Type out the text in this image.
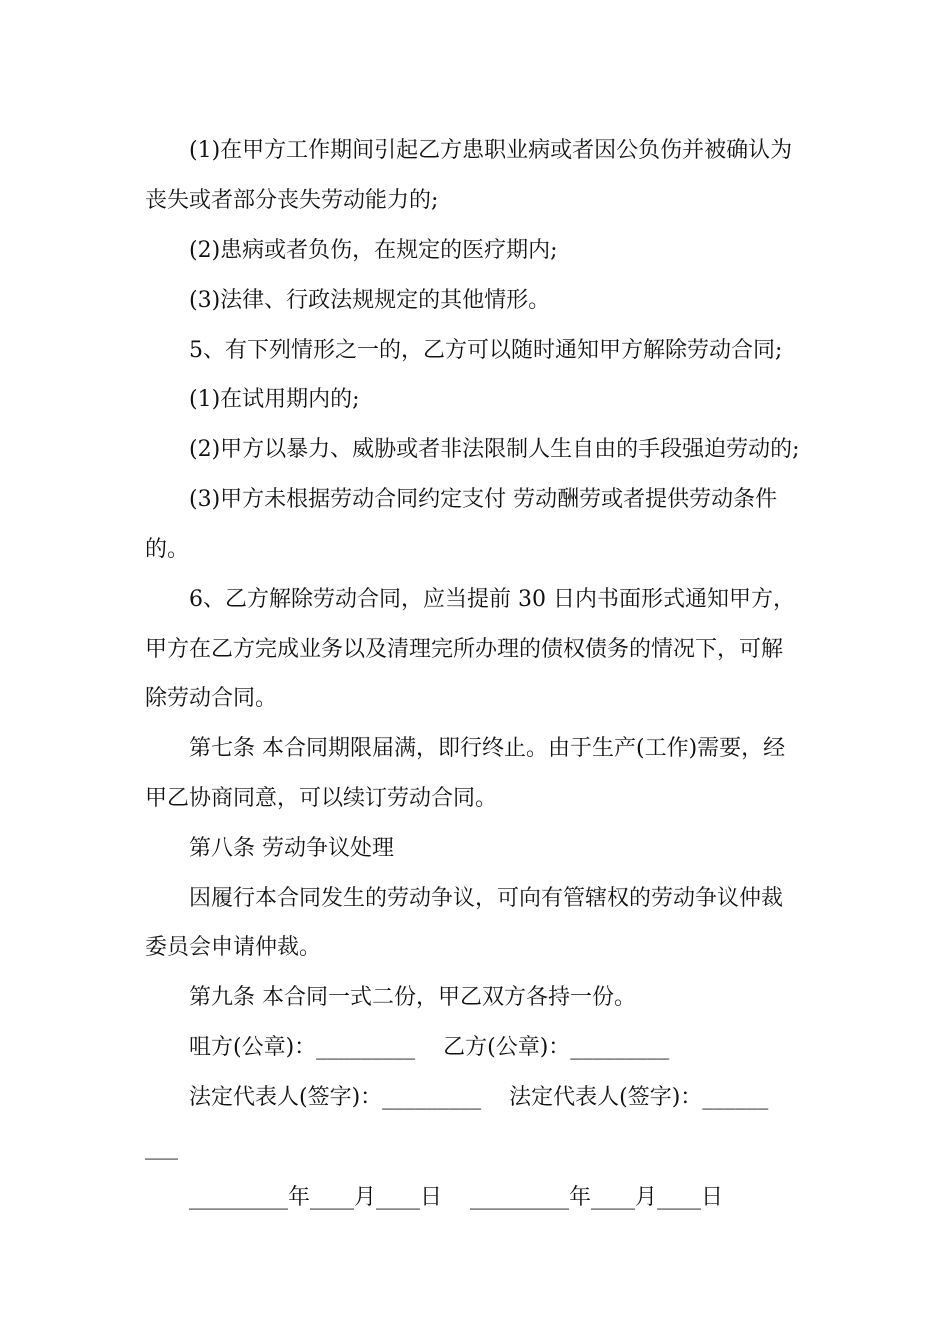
(1)在甲方工作期间引起乙方患职业病或者因公负伤并被确认为
丧失或者部分丧失劳动能力的;
(2)患病或者负伤，在规定的医疗期内;
(3)法律、行政法规规定的其他情形。
5、有下列情形之一的，乙方可以随时通知甲方解除劳动合同;
(1)在试用期内的;
(2)甲方以暴力、威胁或者非法限制人生自由的手段强迫劳动的;
(3)甲方未根据劳动合同约定支付 劳动酬劳或者提供劳动条件
的。
6、乙方解除劳动合同，应当提前 30 日内书面形式通知甲方，
甲方在乙方完成业务以及清理完所办理的债权债务的情况下，可解
除劳动合同。
第七条 本合同期限届满，即行终止。由于生产(工作)需要，经
甲乙协商同意，可以续订劳动合同。
第八条 劳动争议处理
因履行本合同发生的劳动争议，可向有管辖权的劳动争议仲裁
委员会申请仲裁。
第九条 本合同一式二份，甲乙双方各持一份。
咀方(公章)：_________    乙方(公章)：_________
法定代表人(签字)：_________    法定代表人(签字)：______
___
_________年____月____日    _________年____月____日
